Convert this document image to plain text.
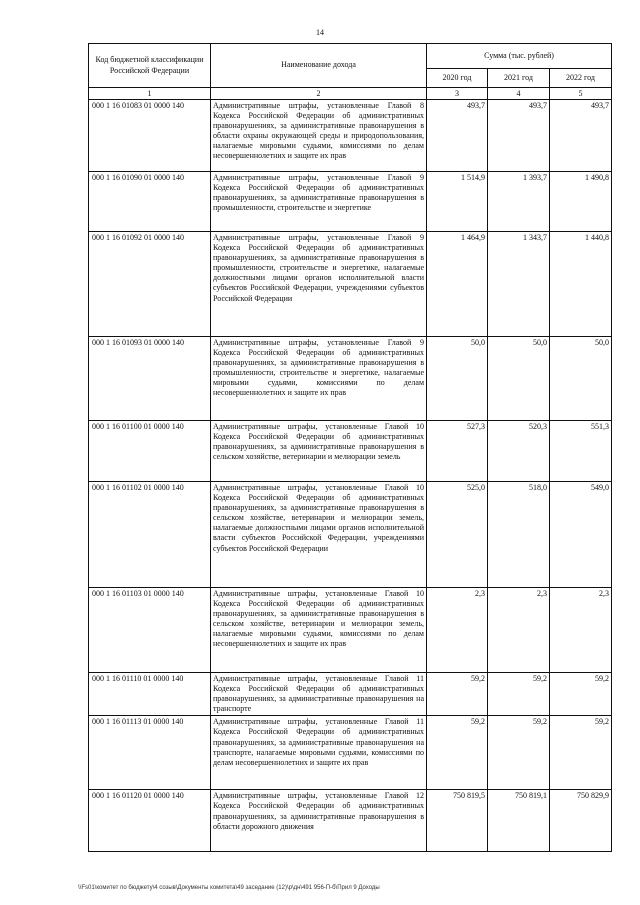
14
Код бюджетной классификации Российской Федерации	Наименование дохода	Сумма (тыс. рублей)		
		2020 год	2021 год	2022 год
1	2	3	4	5
000 1 16 01083 01 0000 140	Административные штрафы, установленные Главой 8 Кодекса Российской Федерации об административных правонарушениях, за административные правонарушения в области охраны окружающей среды и природопользования, налагаемые мировыми судьями, комиссиями по делам несовершеннолетних и защите их прав	493,7	493,7	493,7
000 1 16 01090 01 0000 140	Административные штрафы, установленные Главой 9 Кодекса Российской Федерации об административных правонарушениях, за административные правонарушения в промышленности, строительстве и энергетике	1 514,9	1 393,7	1 490,8
000 1 16 01092 01 0000 140	Административные штрафы, установленные Главой 9 Кодекса Российской Федерации об административных правонарушениях, за административные правонарушения в промышленности, строительстве и энергетике, налагаемые должностными лицами органов исполнительной власти субъектов Российской Федерации, учреждениями субъектов Российской Федерации	1 464,9	1 343,7	1 440,8
000 1 16 01093 01 0000 140	Административные штрафы, установленные Главой 9 Кодекса Российской Федерации об административных правонарушениях, за административные правонарушения в промышленности, строительстве и энергетике, налагаемые мировыми судьями, комиссиями по делам несовершеннолетних и защите их прав	50,0	50,0	50,0
000 1 16 01100 01 0000 140	Административные штрафы, установленные Главой 10 Кодекса Российской Федерации об административных правонарушениях, за административные правонарушения в сельском хозяйстве, ветеринарии и мелиорации земель	527,3	520,3	551,3
000 1 16 01102 01 0000 140	Административные штрафы, установленные Главой 10 Кодекса Российской Федерации об административных правонарушениях, за административные правонарушения в сельском хозяйстве, ветеринарии и мелиорации земель, налагаемые должностными лицами органов исполнительной власти субъектов Российской Федерации, учреждениями субъектов Российской Федерации	525,0	518,0	549,0
000 1 16 01103 01 0000 140	Административные штрафы, установленные Главой 10 Кодекса Российской Федерации об административных правонарушениях, за административные правонарушения в сельском хозяйстве, ветеринарии и мелиорации земель, налагаемые мировыми судьями, комиссиями по делам несовершеннолетних и защите их прав	2,3	2,3	2,3
000 1 16 01110 01 0000 140	Административные штрафы, установленные Главой 11 Кодекса Российской Федерации об административных правонарушениях, за административные правонарушения на транспорте	59,2	59,2	59,2
000 1 16 01113 01 0000 140	Административные штрафы, установленные Главой 11 Кодекса Российской Федерации об административных правонарушениях, за административные правонарушения на транспорте, налагаемые мировыми судьями, комиссиями по делам несовершеннолетних и защите их прав	59,2	59,2	59,2
000 1 16 01120 01 0000 140	Административные штрафы, установленные Главой 12 Кодекса Российской Федерации об административных правонарушениях, за административные правонарушения в области дорожного движения	750 819,5	750 819,1	750 829,9
\\Fs01\комитет по бюджету\4 созыв\Документы комитета\49 заседание (12)\р\дн\491 956-П-б\Прил 9 Доходы
